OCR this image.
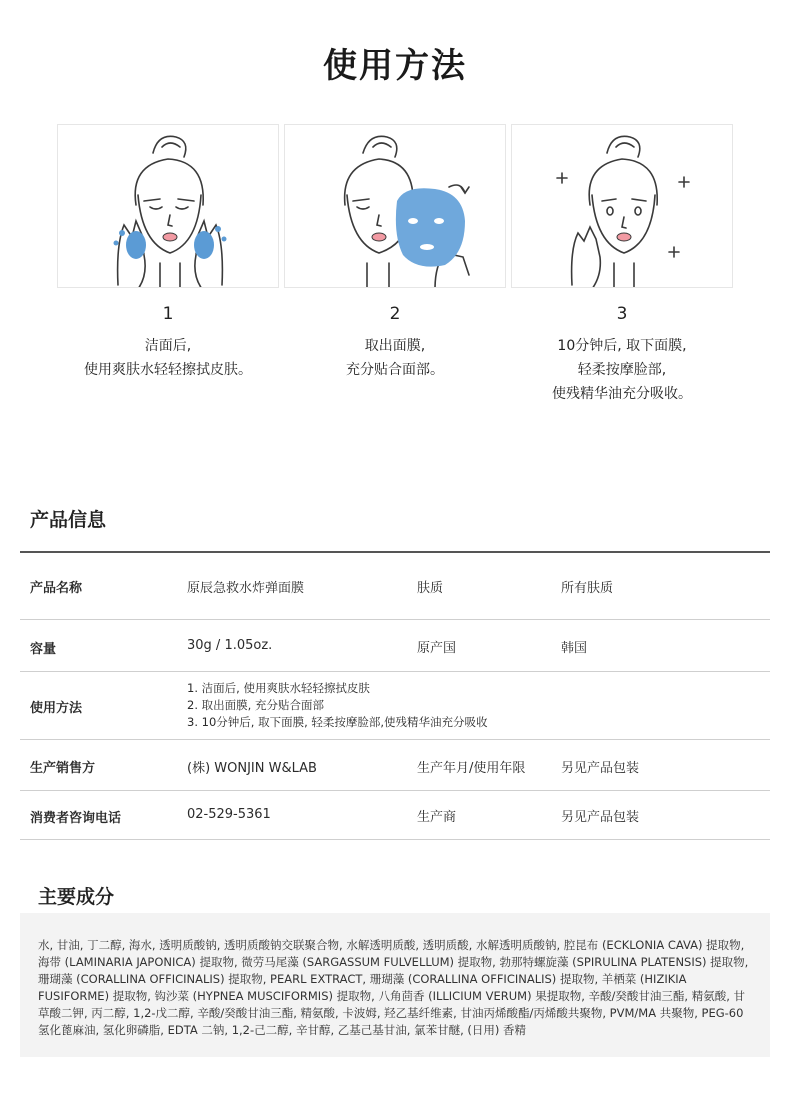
使用方法
1	2	3
洁面后,
使用爽肤水轻轻擦拭皮肤。
取出面膜,
充分贴合面部。
10分钟后, 取下面膜,
轻柔按摩脸部,
使残精华油充分吸收。
产品信息
产品名称	原辰急救水炸弹面膜	肤质	所有肤质
容量	30g / 1.05oz.	原产国	韩国
使用方法
1. 洁面后, 使用爽肤水轻轻擦拭皮肤
2. 取出面膜, 充分贴合面部
3. 10分钟后, 取下面膜, 轻柔按摩脸部,使残精华油充分吸收
生产销售方	(株) WONJIN W&LAB	生产年月/使用年限	另见产品包装
消费者咨询电话	02-529-5361	生产商	另见产品包装
主要成分
水, 甘油, 丁二醇, 海水, 透明质酸钠, 透明质酸钠交联聚合物, 水解透明质酸, 透明质酸, 水解透明质酸钠, 腔昆布 (ECKLONIA CAVA) 提取物, 海带 (LAMINARIA JAPONICA) 提取物, 微劳马尾藻 (SARGASSUM FULVELLUM) 提取物, 勃那特螺旋藻 (SPIRULINA PLATENSIS) 提取物, 珊瑚藻 (CORALLINA OFFICINALIS) 提取物, PEARL EXTRACT, 珊瑚藻 (CORALLINA OFFICINALIS) 提取物, 羊栖菜 (HIZIKIA FUSIFORME) 提取物, 钩沙菜 (HYPNEA MUSCIFORMIS) 提取物, 八角茴香 (ILLICIUM VERUM) 果提取物, 辛酸/癸酸甘油三酯, 精氨酸, 甘草酸二钾, 丙二醇, 1,2-戊二醇, 辛酸/癸酸甘油三酯, 精氨酸, 卡波姆, 羟乙基纤维素, 甘油丙烯酸酯/丙烯酸共聚物, PVM/MA 共聚物, PEG-60 氢化蓖麻油, 氢化卵磷脂, EDTA 二钠, 1,2-己二醇, 辛甘醇, 乙基己基甘油, 氯苯甘醚, (日用) 香精
